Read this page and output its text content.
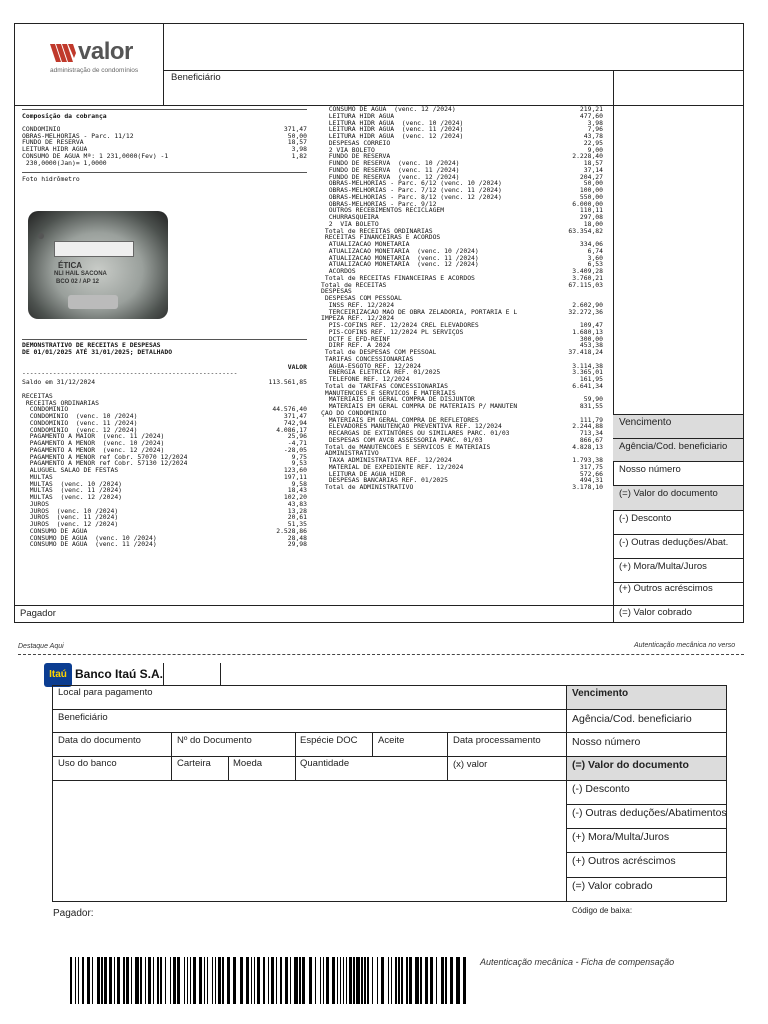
valor
administração de condomínios
Beneficiário
Composição da cobrança
CONDOMINIO	371,47
OBRAS-MELHORIAS - Parc. 11/12	50,00
FUNDO DE RESERVA	18,57
LEITURA HIDR ÁGUA	3,98
CONSUMO DE AGUA Mª: 1 231,0000(Fev) -1	1,82
230,0000(Jan)= 1,0000
Foto hidrômetro
ÉTICA
NLI HAIL SACONA
BCO 02 / AP 12
DEMONSTRATIVO DE RECEITAS E DESPESAS
DE 01/01/2025 ATÉ 31/01/2025; DETALHADO
VALOR
--------------------------------------------------------
Saldo em 31/12/2024	113.561,85
RECEITAS
RECEITAS ORDINARIAS
CONDOMINIO	44.576,40
CONDOMINIO  (venc. 10 /2024)	371,47
CONDOMINIO  (venc. 11 /2024)	742,94
CONDOMINIO  (venc. 12 /2024)	4.086,17
PAGAMENTO A MAIOR  (venc. 11 /2024)	25,96
PAGAMENTO A MENOR  (venc. 10 /2024)	-4,71
PAGAMENTO A MENOR  (venc. 12 /2024)	-28,05
PAGAMENTO A MENOR ref Cobr. 57070 12/2024	9,75
PAGAMENTO A MENOR ref Cobr. 57130 12/2024	9,53
ALUGUEL SALAO DE FESTAS	123,60
MULTAS	197,11
MULTAS  (venc. 10 /2024)	9,58
MULTAS  (venc. 11 /2024)	18,43
MULTAS  (venc. 12 /2024)	102,20
JUROS	43,83
JUROS  (venc. 10 /2024)	13,28
JUROS  (venc. 11 /2024)	20,61
JUROS  (venc. 12 /2024)	51,35
CONSUMO DE AGUA	2.528,86
CONSUMO DE AGUA  (venc. 10 /2024)	28,48
CONSUMO DE AGUA  (venc. 11 /2024)	29,98
CONSUMO DE AGUA  (venc. 12 /2024)	219,21
LEITURA HIDR ÁGUA	477,60
LEITURA HIDR ÁGUA  (venc. 10 /2024)	3,98
LEITURA HIDR ÁGUA  (venc. 11 /2024)	7,96
LEITURA HIDR ÁGUA  (venc. 12 /2024)	43,78
DESPESAS CORREIO	22,95
2 VIA BOLETO	9,00
FUNDO DE RESERVA	2.228,40
FUNDO DE RESERVA  (venc. 10 /2024)	18,57
FUNDO DE RESERVA  (venc. 11 /2024)	37,14
FUNDO DE RESERVA  (venc. 12 /2024)	204,27
OBRAS-MELHORIAS - Parc. 6/12 (venc. 10 /2024)	50,00
OBRAS-MELHORIAS - Parc. 7/12 (venc. 11 /2024)	100,00
OBRAS-MELHORIAS - Parc. 8/12 (venc. 12 /2024)	550,00
OBRAS-MELHORIAS - Parc. 9/12	6.000,00
OUTROS RECEBIMENTOS RECICLAGEM	110,11
CHURRASQUEIRA	297,08
2  VIA BOLETO	18,00
Total de RECEITAS ORDINARIAS	63.354,82
RECEITAS FINANCEIRAS E ACORDOS
ATUALIZACAO MONETARIA	334,06
ATUALIZACAO MONETARIA  (venc. 10 /2024)	6,74
ATUALIZACAO MONETARIA  (venc. 11 /2024)	3,60
ATUALIZACAO MONETARIA  (venc. 12 /2024)	6,53
ACORDOS	3.409,28
Total de RECEITAS FINANCEIRAS E ACORDOS	3.760,21
Total de RECEITAS	67.115,03
DESPESAS
DESPESAS COM PESSOAL
INSS REF. 12/2024	2.602,90
TERCEIRIZACAO MAO DE OBRA ZELADORIA, PORTARIA E L	32.272,36
IMPEZA REF. 12/2024
PIS-COFINS REF. 12/2024 CREL ELEVADORES	109,47
PIS-COFINS REF. 12/2024 PL SERVIÇOS	1.680,13
DCTF E EFD-REINF	300,00
DIRF REF. A 2024	453,38
Total de DESPESAS COM PESSOAL	37.418,24
TARIFAS CONCESSIONARIAS
ÁGUA-ESGOTO REF. 12/2024	3.114,38
ENERGIA ELETRICA REF. 01/2025	3.365,01
TELEFONE REF. 12/2024	161,95
Total de TARIFAS CONCESSIONARIAS	6.641,34
MANUTENCOES E SERVICOS E MATERIAIS
MATERIAIS EM GERAL COMPRA DE DISJUNTOR	59,90
MATERIAIS EM GERAL COMPRA DE MATERIAIS P/ MANUTEN	831,55
ÇÃO DO CONDOMINIO
MATERIAIS EM GERAL COMPRA DE REFLETORES	111,79
ELEVADORES MANUTENÇÃO PREVENTIVA REF. 12/2024	2.244,88
RECARGAS DE EXTINTORES OU SIMILARES PARC. 01/03	713,34
DESPESAS COM AVCB ASSESSORIA PARC. 01/03	866,67
Total de MANUTENCOES E SERVICOS E MATERIAIS	4.828,13
ADMINISTRATIVO
TAXA ADMINISTRATIVA REF. 12/2024	1.793,38
MATERIAL DE EXPEDIENTE REF. 12/2024	317,75
LEITURA DE AGUA HIDR	572,66
DESPESAS BANCARIAS REF. 01/2025	494,31
Total de ADMINISTRATIVO	3.178,10
Vencimento
Agência/Cod. beneficiario
Nosso número
(=) Valor do documento
(-) Desconto
(-) Outras deduções/Abat.
(+) Mora/Multa/Juros
(+) Outros acréscimos
(=) Valor cobrado
Pagador
Destaque Aqui	Autenticação mecânica no verso
Itaú Banco Itaú S.A.
Local para pagamento	Vencimento
Beneficiário	Agência/Cod. beneficiario
Data do documento	Nº do Documento	Espécie DOC Aceite	Data processamento	Nosso número
Uso do banco	Carteira Moeda	Quantidade	(x) valor	(=) Valor do documento
(-) Desconto
(-) Outras deduções/Abatimentos
(+) Mora/Multa/Juros
(+) Outros acréscimos
(=) Valor cobrado
Pagador:	Código de baixa:
Autenticação mecânica - Ficha de compensação
